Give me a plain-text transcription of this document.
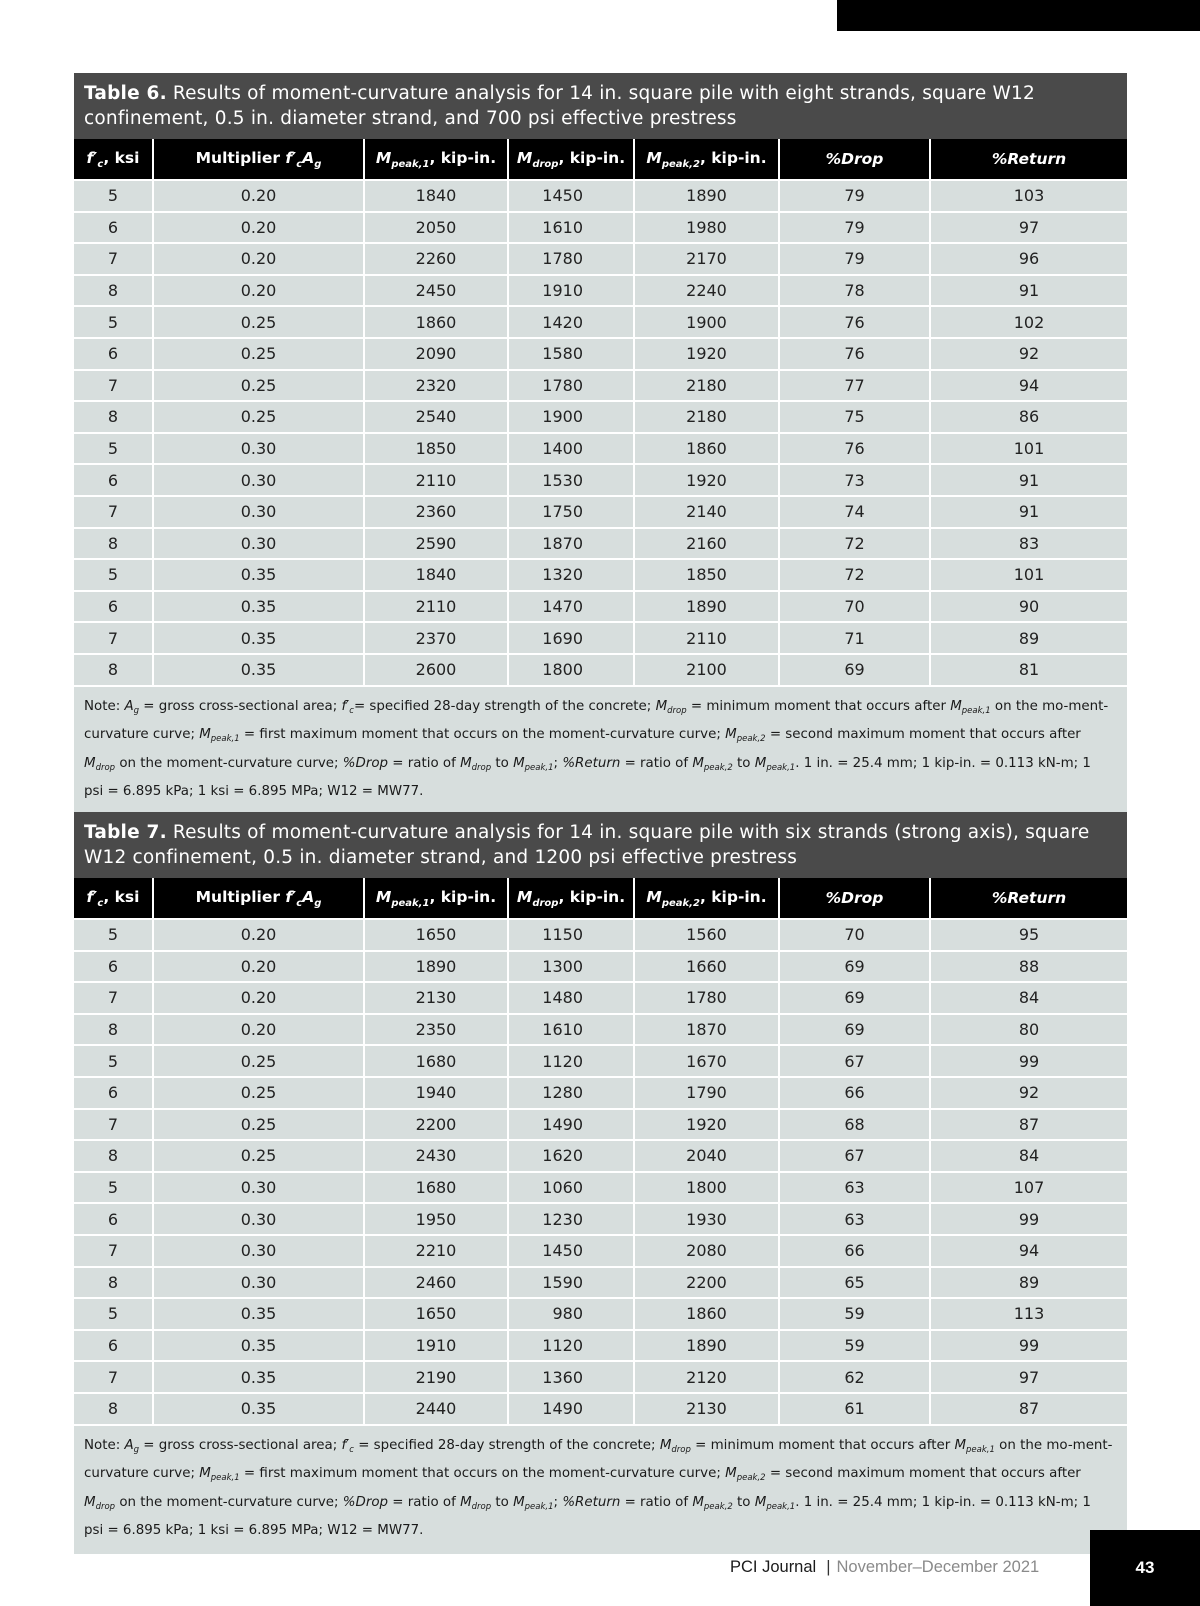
Table 6. Results of moment-curvature analysis for 14 in. square pile with eight strands, square W12 confinement, 0.5 in. diameter strand, and 700 psi effective prestress
$f'_c$, ksi	Multiplier $f'_cA_g$	$M_{peak,1}$, kip-in.	$M_{drop}$, kip-in.	$M_{peak,2}$, kip-in.	%Drop	%Return
5	0.20	1840	1450	1890	79	103
6	0.20	2050	1610	1980	79	97
7	0.20	2260	1780	2170	79	96
8	0.20	2450	1910	2240	78	91
5	0.25	1860	1420	1900	76	102
6	0.25	2090	1580	1920	76	92
7	0.25	2320	1780	2180	77	94
8	0.25	2540	1900	2180	75	86
5	0.30	1850	1400	1860	76	101
6	0.30	2110	1530	1920	73	91
7	0.30	2360	1750	2140	74	91
8	0.30	2590	1870	2160	72	83
5	0.35	1840	1320	1850	72	101
6	0.35	2110	1470	1890	70	90
7	0.35	2370	1690	2110	71	89
8	0.35	2600	1800	2100	69	81
Note: $A_g$ = gross cross-sectional area; $f'_c=$ specified 28-day strength of the concrete; $M_{drop}$ = minimum moment that occurs after $M_{peak,1}$ on the mo-ment-curvature curve; $M_{peak,1}$ = first maximum moment that occurs on the moment-curvature curve; $M_{peak,2}$ = second maximum moment that occurs after $M_{drop}$ on the moment-curvature curve; %Drop = ratio of $M_{drop}$ to $M_{peak,1}$; %Return = ratio of $M_{peak,2}$ to $M_{peak,1}$. 1 in. = 25.4 mm; 1 kip-in. = 0.113 kN-m; 1 psi = 6.895 kPa; 1 ksi = 6.895 MPa; W12 = MW77.
Table 7. Results of moment-curvature analysis for 14 in. square pile with six strands (strong axis), square W12 confinement, 0.5 in. diameter strand, and 1200 psi effective prestress
$f'_c$, ksi	Multiplier $f'_cA_g$	$M_{peak,1}$, kip-in.	$M_{drop}$, kip-in.	$M_{peak,2}$, kip-in.	%Drop	%Return
5	0.20	1650	1150	1560	70	95
6	0.20	1890	1300	1660	69	88
7	0.20	2130	1480	1780	69	84
8	0.20	2350	1610	1870	69	80
5	0.25	1680	1120	1670	67	99
6	0.25	1940	1280	1790	66	92
7	0.25	2200	1490	1920	68	87
8	0.25	2430	1620	2040	67	84
5	0.30	1680	1060	1800	63	107
6	0.30	1950	1230	1930	63	99
7	0.30	2210	1450	2080	66	94
8	0.30	2460	1590	2200	65	89
5	0.35	1650	980	1860	59	113
6	0.35	1910	1120	1890	59	99
7	0.35	2190	1360	2120	62	97
8	0.35	2440	1490	2130	61	87
Note: $A_g$ = gross cross-sectional area; $f'_c$ = specified 28-day strength of the concrete; $M_{drop}$ = minimum moment that occurs after $M_{peak,1}$ on the mo-ment-curvature curve; $M_{peak,1}$ = first maximum moment that occurs on the moment-curvature curve; $M_{peak,2}$ = second maximum moment that occurs after $M_{drop}$ on the moment-curvature curve; %Drop = ratio of $M_{drop}$ to $M_{peak,1}$; %Return = ratio of $M_{peak,2}$ to $M_{peak,1}$. 1 in. = 25.4 mm; 1 kip-in. = 0.113 kN-m; 1 psi = 6.895 kPa; 1 ksi = 6.895 MPa; W12 = MW77.
PCI Journal | November–December 2021	43
